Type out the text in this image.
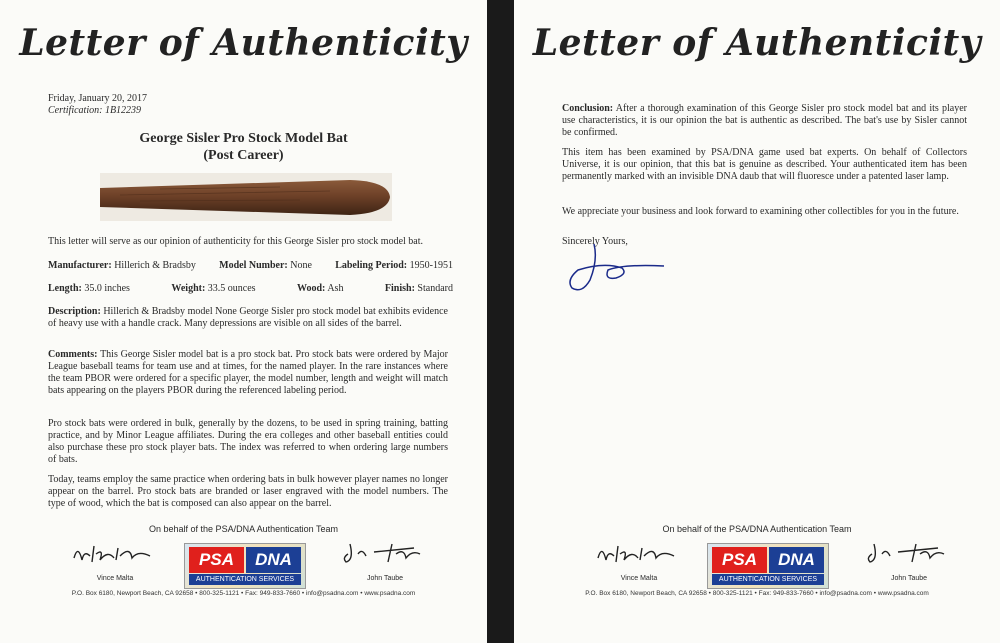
Letter of Authenticity
Friday, January 20, 2017
Certification: 1B12239
George Sisler Pro Stock Model Bat
(Post Career)
This letter will serve as our opinion of authenticity for this George Sisler pro stock model bat.
Manufacturer: Hillerich & Bradsby Model Number: None Labeling Period: 1950-1951
Length: 35.0 inches	Weight: 33.5 ounces	Wood: Ash	Finish: Standard
Description: Hillerich & Bradsby model None George Sisler pro stock model bat exhibits evidence of heavy use with a handle crack. Many depressions are visible on all sides of the barrel.
Comments: This George Sisler model bat is a pro stock bat. Pro stock bats were ordered by Major League baseball teams for team use and at times, for the named player. In the rare instances where the team PBOR were ordered for a specific player, the model number, length and weight will match bats appearing on the players PBOR during the referenced labeling period.
Pro stock bats were ordered in bulk, generally by the dozens, to be used in spring training, batting practice, and by Minor League affiliates. During the era colleges and other baseball entities could also purchase these pro stock player bats. The index was referred to when ordering large numbers of bats.
Today, teams employ the same practice when ordering bats in bulk however player names no longer appear on the barrel. Pro stock bats are branded or laser engraved with the model numbers. The type of wood, which the bat is composed can also appear on the barrel.
On behalf of the PSA/DNA Authentication Team
Vince Malta
PSA	DNA
AUTHENTICATION SERVICES	John Taube
P.O. Box 6180, Newport Beach, CA 92658 • 800-325-1121 • Fax: 949-833-7660 • info@psadna.com • www.psadna.com
Letter of Authenticity
Conclusion: After a thorough examination of this George Sisler pro stock model bat and its player use characteristics, it is our opinion the bat is authentic as described. The bat's use by Sisler cannot be confirmed.
This item has been examined by PSA/DNA game used bat experts. On behalf of Collectors Universe, it is our opinion, that this bat is genuine as described. Your authenticated item has been permanently marked with an invisible DNA daub that will fluoresce under a patented laser lamp.
We appreciate your business and look forward to examining other collectibles for you in the future.
Sincerely Yours,
On behalf of the PSA/DNA Authentication Team
Vince Malta
PSA	DNA
AUTHENTICATION SERVICES	John Taube
P.O. Box 6180, Newport Beach, CA 92658 • 800-325-1121 • Fax: 949-833-7660 • info@psadna.com • www.psadna.com
